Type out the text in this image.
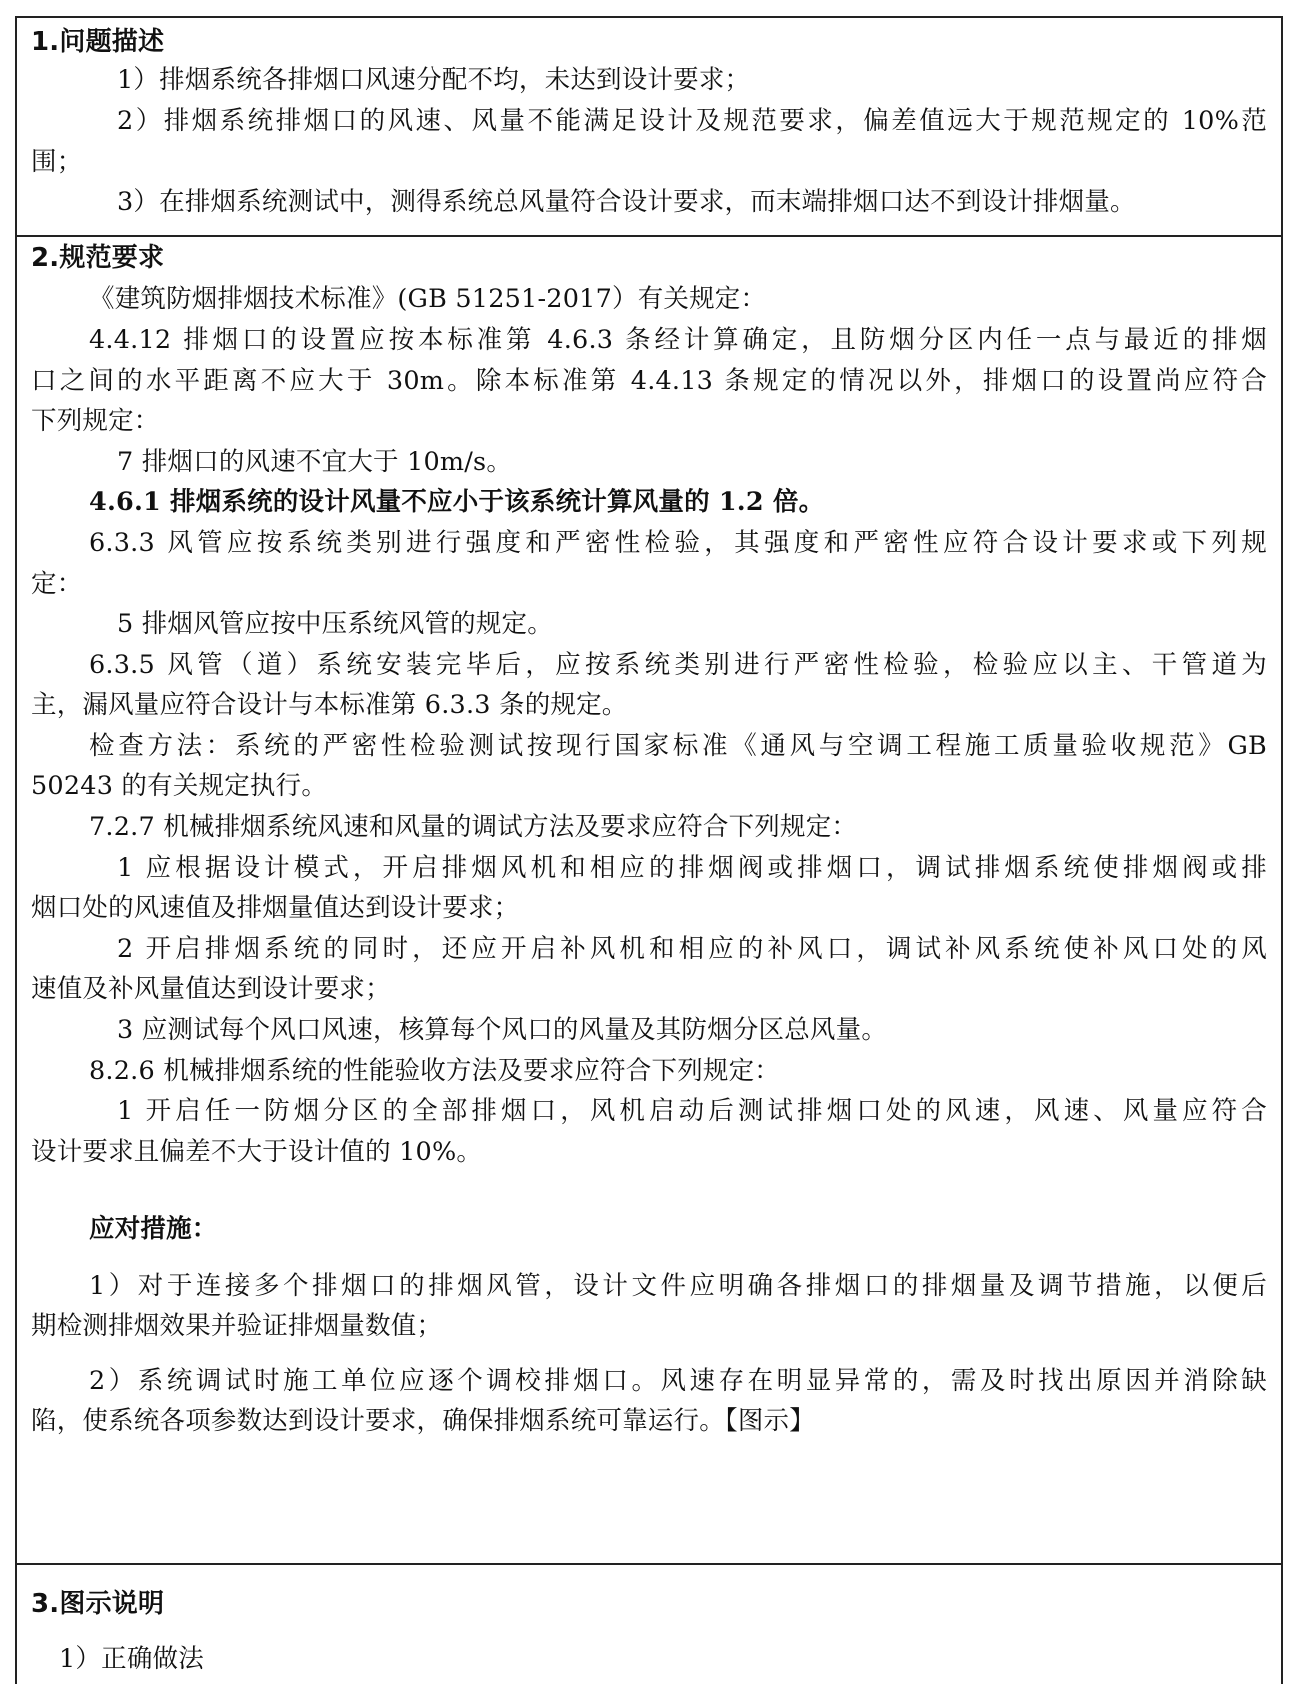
1.问题描述
1）排烟系统各排烟口风速分配不均，未达到设计要求；
2）排烟系统排烟口的风速、风量不能满足设计及规范要求，偏差值远大于规范规定的 10%范
围；
3）在排烟系统测试中，测得系统总风量符合设计要求，而末端排烟口达不到设计排烟量。
2.规范要求
《建筑防烟排烟技术标准》(GB 51251-2017）有关规定：
4.4.12 排烟口的设置应按本标准第 4.6.3 条经计算确定，且防烟分区内任一点与最近的排烟
口之间的水平距离不应大于 30m。除本标准第 4.4.13 条规定的情况以外，排烟口的设置尚应符合
下列规定：
7 排烟口的风速不宜大于 10m/s。
4.6.1 排烟系统的设计风量不应小于该系统计算风量的 1.2 倍。
6.3.3 风管应按系统类别进行强度和严密性检验，其强度和严密性应符合设计要求或下列规
定：
5 排烟风管应按中压系统风管的规定。
6.3.5 风管（道）系统安装完毕后，应按系统类别进行严密性检验，检验应以主、干管道为
主，漏风量应符合设计与本标准第 6.3.3 条的规定。
检查方法：系统的严密性检验测试按现行国家标准《通风与空调工程施工质量验收规范》GB
50243 的有关规定执行。
7.2.7 机械排烟系统风速和风量的调试方法及要求应符合下列规定：
1 应根据设计模式，开启排烟风机和相应的排烟阀或排烟口，调试排烟系统使排烟阀或排
烟口处的风速值及排烟量值达到设计要求；
2 开启排烟系统的同时，还应开启补风机和相应的补风口，调试补风系统使补风口处的风
速值及补风量值达到设计要求；
3 应测试每个风口风速，核算每个风口的风量及其防烟分区总风量。
8.2.6 机械排烟系统的性能验收方法及要求应符合下列规定：
1 开启任一防烟分区的全部排烟口，风机启动后测试排烟口处的风速，风速、风量应符合
设计要求且偏差不大于设计值的 10%。
应对措施：
1）对于连接多个排烟口的排烟风管，设计文件应明确各排烟口的排烟量及调节措施，以便后
期检测排烟效果并验证排烟量数值；
2）系统调试时施工单位应逐个调校排烟口。风速存在明显异常的，需及时找出原因并消除缺
陷，使系统各项参数达到设计要求，确保排烟系统可靠运行。【图示】
3.图示说明
1）正确做法
